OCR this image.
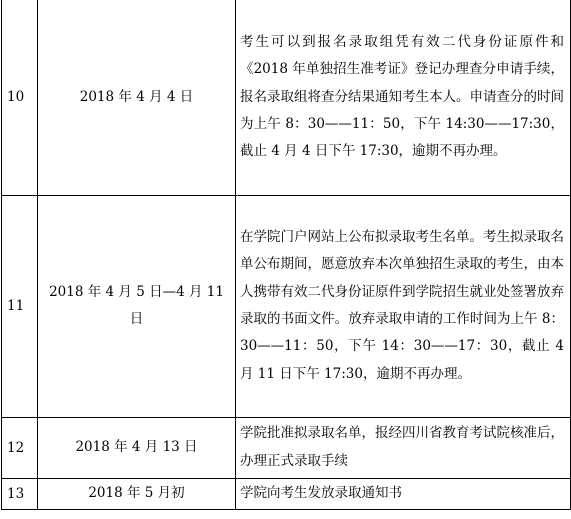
10	2018 年 4 月 4 日	考生可以到报名录取组凭有效二代身份证原件和《2018 年单独招生准考证》登记办理查分申请手续，报名录取组将查分结果通知考生本人。申请查分的时间为上午 8：30——11：50，下午 14:30——17:30，截止 4 月 4 日下午 17:30，逾期不再办理。
11	2018 年 4 月 5 日—4 月 11 日	在学院门户网站上公布拟录取考生名单。考生拟录取名单公布期间，愿意放弃本次单独招生录取的考生，由本人携带有效二代身份证原件到学院招生就业处签署放弃录取的书面文件。放弃录取申请的工作时间为上午 8：30——11：50，下午 14：30——17：30，截止 4 月 11 日下午 17:30，逾期不再办理。
12	2018 年 4 月 13 日	学院批准拟录取名单，报经四川省教育考试院核准后，办理正式录取手续
13	2018 年 5 月初	学院向考生发放录取通知书
